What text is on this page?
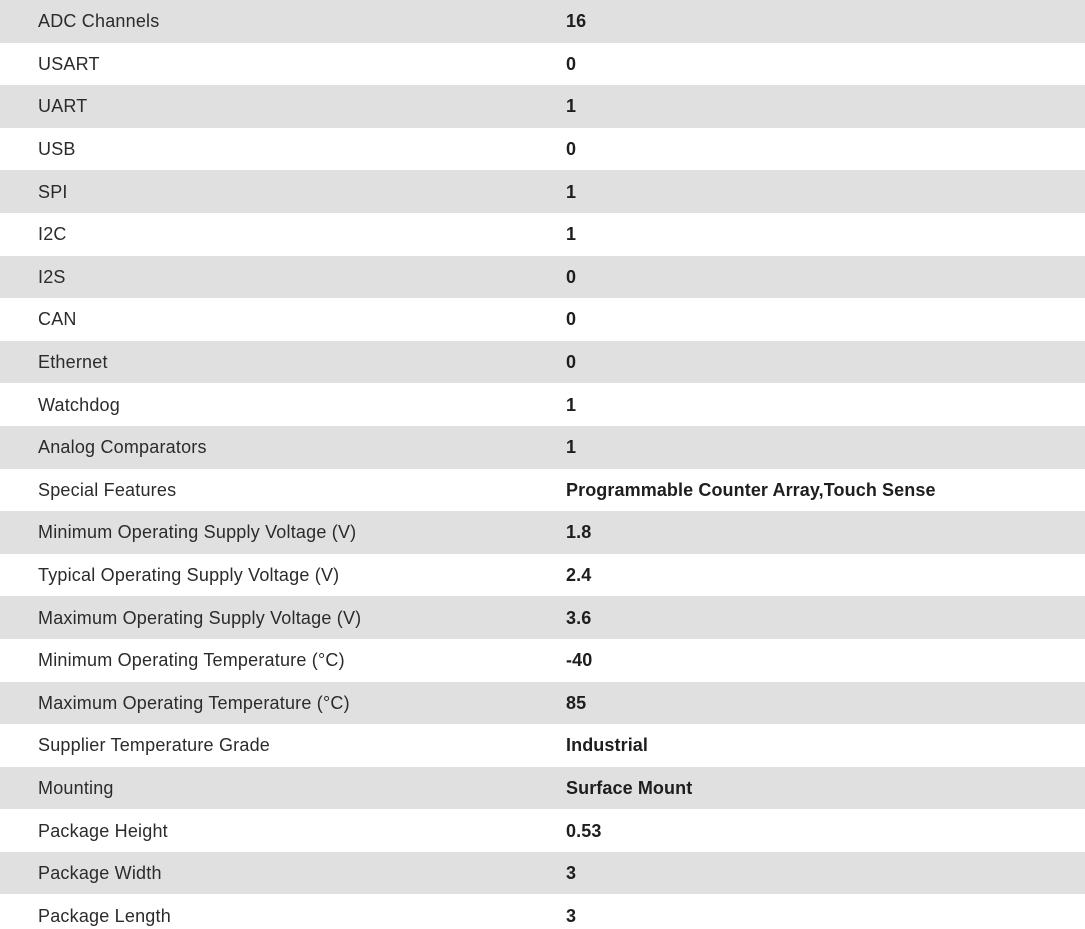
ADC Channels	16
USART	0
UART	1
USB	0
SPI	1
I2C	1
I2S	0
CAN	0
Ethernet	0
Watchdog	1
Analog Comparators	1
Special Features	Programmable Counter Array,Touch Sense
Minimum Operating Supply Voltage (V)	1.8
Typical Operating Supply Voltage (V)	2.4
Maximum Operating Supply Voltage (V)	3.6
Minimum Operating Temperature (°C)	-40
Maximum Operating Temperature (°C)	85
Supplier Temperature Grade	Industrial
Mounting	Surface Mount
Package Height	0.53
Package Width	3
Package Length	3
